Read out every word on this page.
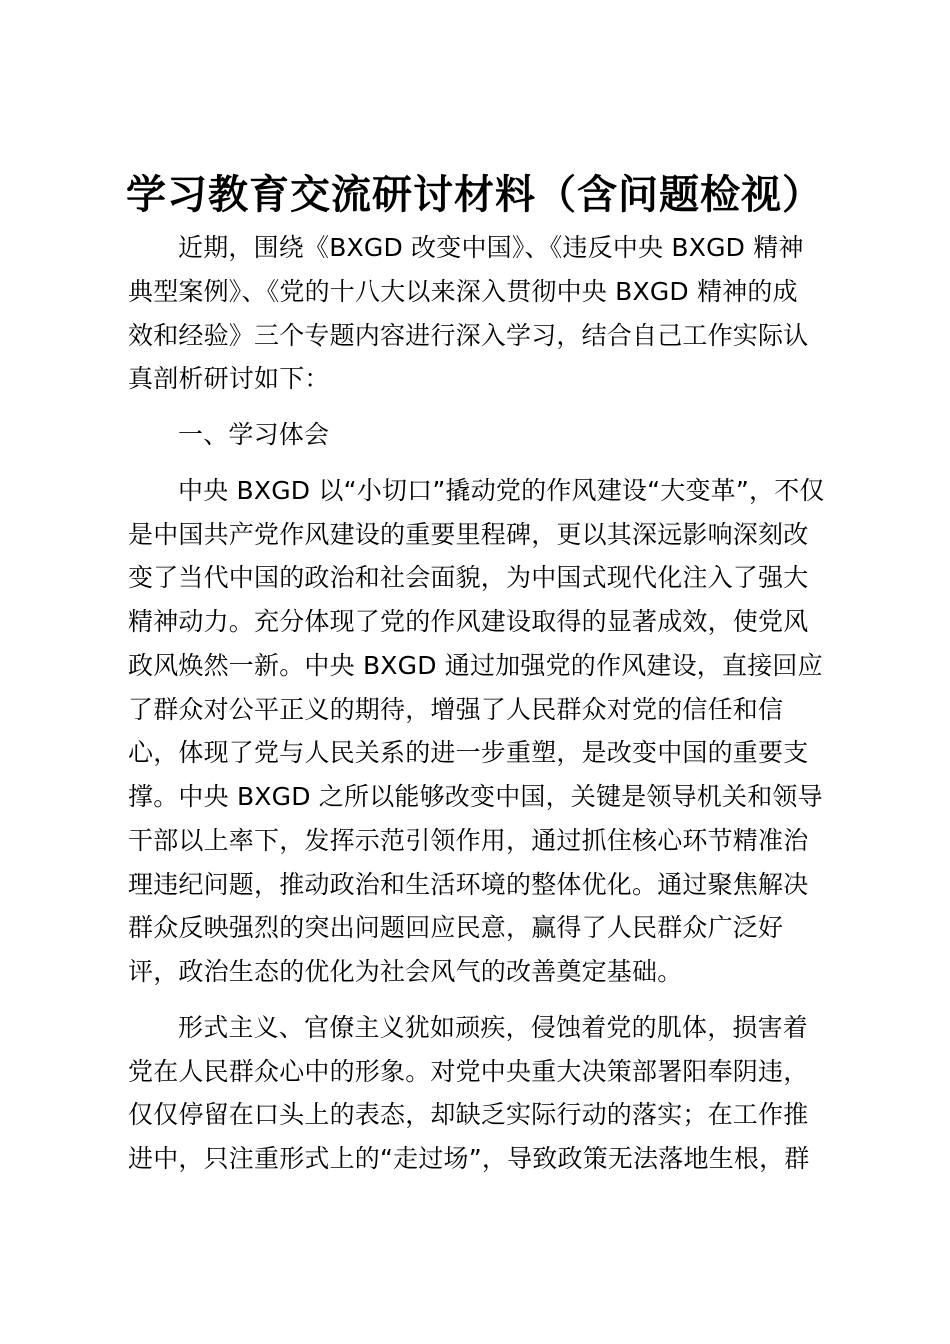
学习教育交流研讨材料（含问题检视）
近期，围绕《BXGD 改变中国》、《违反中央 BXGD 精神
典型案例》、《党的十八大以来深入贯彻中央 BXGD 精神的成
效和经验》三个专题内容进行深入学习，结合自己工作实际认
真剖析研讨如下：
一、学习体会
中央 BXGD 以“小切口”撬动党的作风建设“大变革”，不仅
是中国共产党作风建设的重要里程碑，更以其深远影响深刻改
变了当代中国的政治和社会面貌，为中国式现代化注入了强大
精神动力。充分体现了党的作风建设取得的显著成效，使党风
政风焕然一新。中央 BXGD 通过加强党的作风建设，直接回应
了群众对公平正义的期待，增强了人民群众对党的信任和信
心，体现了党与人民关系的进一步重塑，是改变中国的重要支
撑。中央 BXGD 之所以能够改变中国，关键是领导机关和领导
干部以上率下，发挥示范引领作用，通过抓住核心环节精准治
理违纪问题，推动政治和生活环境的整体优化。通过聚焦解决
群众反映强烈的突出问题回应民意，赢得了人民群众广泛好
评，政治生态的优化为社会风气的改善奠定基础。
形式主义、官僚主义犹如顽疾，侵蚀着党的肌体，损害着
党在人民群众心中的形象。对党中央重大决策部署阳奉阴违，
仅仅停留在口头上的表态，却缺乏实际行动的落实；在工作推
进中，只注重形式上的“走过场”，导致政策无法落地生根，群
